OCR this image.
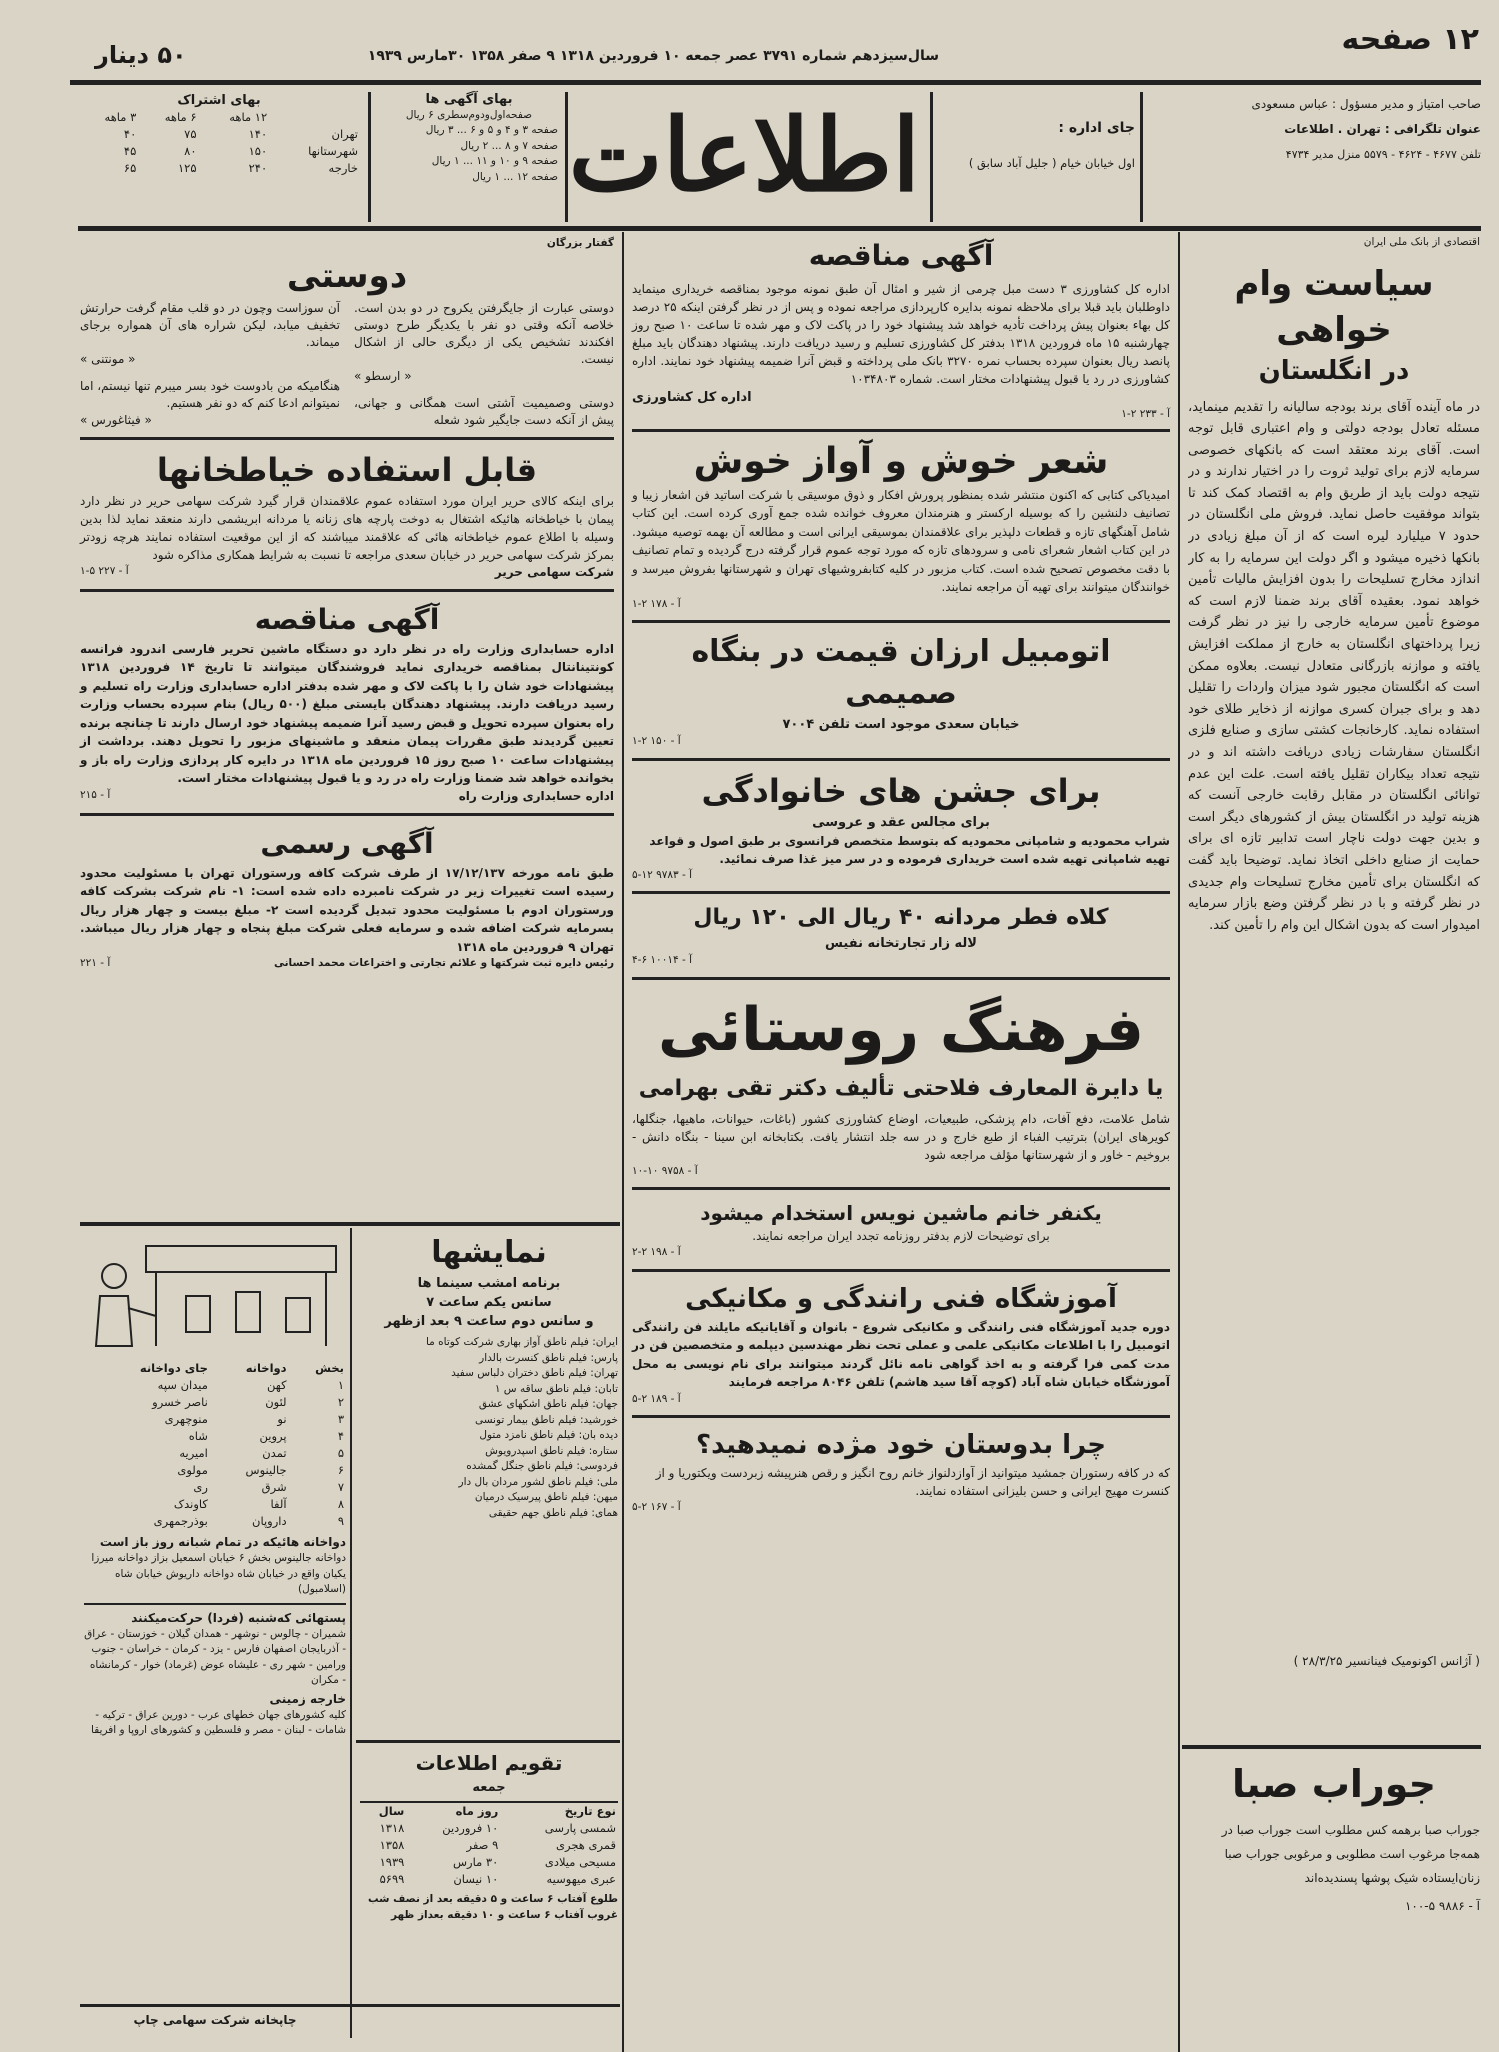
۱۲ صفحه
سال‌سیزدهم شماره ۳۷۹۱ عصر جمعه ۱۰ فروردین ۱۳۱۸ ۹ صفر ۱۳۵۸ ۳۰مارس ۱۹۳۹
۵۰ دینار
صاحب امتیاز و مدیر مسؤول : عباس مسعودی
عنوان تلگرافی : تهران . اطلاعات
تلفن ۴۶۷۷ - ۴۶۲۴ - ۵۵۷۹ منزل مدیر ۴۷۳۴
جای اداره :
اول خیابان خیام ( جلیل آباد سابق )
اطلاعات
بهای آگهی ها
صفحه‌اول‌ودوم‌سطری ۶ ریال
صفحه ۳ و ۴ و ۵ و ۶ ... ۳ ریال
صفحه ۷ و ۸ ... ۲ ریال
صفحه ۹ و ۱۰ و ۱۱ ... ۱ ریال
صفحه ۱۲ ... ۱ ریال
بهای اشتراک
	۱۲ ماهه	۶ ماهه	۳ ماهه
تهران	۱۴۰	۷۵	۴۰
شهرستانها	۱۵۰	۸۰	۴۵
خارجه	۲۴۰	۱۲۵	۶۵
اقتصادی از بانک ملی ایران
سیاست وام خواهی
در انگلستان
در ماه آینده آقای برند بودجه سالیانه را تقدیم مینماید، مسئله تعادل بودجه دولتی و وام اعتباری قابل توجه است. آقای برند معتقد است که بانکهای خصوصی سرمایه لازم برای تولید ثروت را در اختیار ندارند و در نتیجه دولت باید از طریق وام به اقتصاد کمک کند تا بتواند موفقیت حاصل نماید. فروش ملی انگلستان در حدود ۷ میلیارد لیره است که از آن مبلغ زیادی در بانکها ذخیره میشود و اگر دولت این سرمایه را به کار اندازد مخارج تسلیحات را بدون افزایش مالیات تأمین خواهد نمود. بعقیده آقای برند ضمنا لازم است که موضوع تأمین سرمایه خارجی را نیز در نظر گرفت زیرا پرداختهای انگلستان به خارج از مملکت افزایش یافته و موازنه بازرگانی متعادل نیست. بعلاوه ممکن است که انگلستان مجبور شود میزان واردات را تقلیل دهد و برای جبران کسری موازنه از ذخایر طلای خود استفاده نماید. کارخانجات کشتی سازی و صنایع فلزی انگلستان سفارشات زیادی دریافت داشته اند و در نتیجه تعداد بیکاران تقلیل یافته است. علت این عدم توانائی انگلستان در مقابل رقابت خارجی آنست که هزینه تولید در انگلستان بیش از کشورهای دیگر است و بدین جهت دولت ناچار است تدابیر تازه ای برای حمایت از صنایع داخلی اتخاذ نماید. توضیحا باید گفت که انگلستان برای تأمین مخارج تسلیحات وام جدیدی در نظر گرفته و با در نظر گرفتن وضع بازار سرمایه امیدوار است که بدون اشکال این وام را تأمین کند.
( آژانس اکونومیک فینانسیر ۲۸/۳/۲۵ )
جوراب صبا
جوراب صبا برهمه کس مطلوب است جوراب صبا در همه‌جا مرغوب است مطلوبی و مرغوبی جوراب صبا زنان‌ایستاده شیک پوشها پسندیده‌اند
آ - ۹۸۸۶ ۵-۱۰۰
آگهی مناقصه
اداره کل کشاورزی ۳ دست مبل چرمی از شیر و امثال آن طبق نمونه موجود بمناقصه خریداری مینماید داوطلبان باید قبلا برای ملاحظه نمونه بدایره کارپردازی مراجعه نموده و پس از در نظر گرفتن اینکه ۲۵ درصد کل بهاء بعنوان پیش پرداخت تأدیه خواهد شد پیشنهاد خود را در پاکت لاک و مهر شده تا ساعت ۱۰ صبح روز چهارشنبه ۱۵ ماه فروردین ۱۳۱۸ بدفتر کل کشاورزی تسلیم و رسید دریافت دارند. پیشنهاد دهندگان باید مبلغ پانصد ریال بعنوان سپرده بحساب نمره ۳۲۷۰ بانک ملی پرداخته و قبض آنرا ضمیمه پیشنهاد خود نمایند. اداره کشاورزی در رد یا قبول پیشنهادات مختار است. شماره ۱۰۳۴۸۰۳
اداره کل کشاورزی
آ - ۲۳۳ ۲-۱
شعر خوش و آواز خوش
امیدیاکی کتابی که اکنون منتشر شده بمنظور پرورش افکار و ذوق موسیقی با شرکت اساتید فن اشعار زیبا و تصانیف دلنشین را که بوسیله ارکستر و هنرمندان معروف خوانده شده جمع آوری کرده است. این کتاب شامل آهنگهای تازه و قطعات دلپذیر برای علاقمندان بموسیقی ایرانی است و مطالعه آن بهمه توصیه میشود. در این کتاب اشعار شعرای نامی و سرودهای تازه که مورد توجه عموم قرار گرفته درج گردیده و تمام تصانیف با دقت مخصوص تصحیح شده است. کتاب مزبور در کلیه کتابفروشیهای تهران و شهرستانها بفروش میرسد و خوانندگان میتوانند برای تهیه آن مراجعه نمایند.
آ - ۱۷۸ ۲-۱
اتومبیل ارزان قیمت در بنگاه صمیمی
خیابان سعدی موجود است تلفن ۷۰۰۴
آ - ۱۵۰ ۲-۱
برای جشن های خانوادگی
برای مجالس عقد و عروسی
شراب محمودیه و شامپانی محمودیه که بتوسط متخصص فرانسوی بر طبق اصول و قواعد تهیه شامپانی تهیه شده است خریداری فرموده و در سر میز غذا صرف نمائید.
آ - ۹۷۸۳ ۱۲-۵
کلاه فطر مردانه ۴۰ ریال الی ۱۲۰ ریال
لاله زار تجارتخانه نفیس
آ - ۱۰۰۱۴ ۶-۴
فرهنگ روستائی
یا دایرة المعارف فلاحتی تألیف دکتر تقی بهرامی
شامل علامت، دفع آفات، دام پزشکی، طبیعیات، اوضاع کشاورزی کشور (باغات، حیوانات، ماهیها، جنگلها، کویرهای ایران) بترتیب الفباء از طبع خارج و در سه جلد انتشار یافت. بکتابخانه ابن سینا - بنگاه دانش - بروخیم - خاور و از شهرستانها مؤلف مراجعه شود
آ - ۹۷۵۸ ۱۰-۱۰
یکنفر خانم ماشین نویس استخدام میشود
برای توضیحات لازم بدفتر روزنامه تجدد ایران مراجعه نمایند.
آ - ۱۹۸ ۲-۲
آموزشگاه فنی رانندگی و مکانیکی
دوره جدید آموزشگاه فنی رانندگی و مکانیکی شروع - بانوان و آقایانیکه مایلند فن رانندگی اتومبیل را با اطلاعات مکانیکی علمی و عملی تحت نظر مهندسین دیپلمه و متخصصین فن در مدت کمی فرا گرفته و به اخذ گواهی نامه نائل گردند میتوانند برای نام نویسی به محل آموزشگاه خیابان شاه آباد (کوچه آقا سید هاشم) تلفن ۸۰۴۶ مراجعه فرمایند
آ - ۱۸۹ ۲-۵
چرا بدوستان خود مژده نمیدهید؟
که در کافه رستوران جمشید میتوانید از آوازدلنواز خانم روح انگیز و رقص هنرپیشه زبردست ویکتوریا و از کنسرت مهیج ایرانی و حسن بلیزانی استفاده نمایند.
آ - ۱۶۷ ۲-۵
گفتار بزرگان
دوستی
دوستی عبارت از جایگرفتن یکروح در دو بدن است. خلاصه آنکه وقتی دو نفر با یکدیگر طرح دوستی افکندند تشخیص یکی از دیگری حالی از اشکال نیست.
« ارسطو »
دوستی وصمیمیت آشتی است همگانی و جهانی، پیش از آنکه دست جایگیر شود شعله
آن سوزاست وچون در دو قلب مقام گرفت حرارتش تخفیف میابد، لیکن شراره های آن همواره برجای میماند.
« مونتنی »
هنگامیکه من بادوست خود بسر میبرم تنها نیستم، اما نمیتوانم ادعا کنم که دو نفر هستیم.
« فیثاغورس »
قابل استفاده خیاطخانها
برای اینکه کالای حریر ایران مورد استفاده عموم علاقمندان قرار گیرد شرکت سهامی حریر در نظر دارد پیمان با خیاطخانه هائیکه اشتغال به دوخت پارچه های زنانه یا مردانه ابریشمی دارند منعقد نماید لذا بدین وسیله با اطلاع عموم خیاطخانه هائی که علاقمند میباشند که از این موقعیت استفاده نمایند هرچه زودتر بمرکز شرکت سهامی حریر در خیابان سعدی مراجعه تا نسبت به شرایط همکاری مذاکره شود
شرکت سهامی حریر
آ - ۲۲۷ ۵-۱
آگهی مناقصه
اداره حسابداری وزارت راه در نظر دارد دو دستگاه ماشین تحریر فارسی اندرود فرانسه کونتینانتال بمناقصه خریداری نماید فروشندگان میتوانند تا تاریخ ۱۴ فروردین ۱۳۱۸ پیشنهادات خود شان را با پاکت لاک و مهر شده بدفتر اداره حسابداری وزارت راه تسلیم و رسید دریافت دارند. پیشنهاد دهندگان بایستی مبلغ (۵۰۰ ریال) بنام سپرده بحساب وزارت راه بعنوان سپرده تحویل و قبض رسید آنرا ضمیمه پیشنهاد خود ارسال دارند تا چنانچه برنده تعیین گردیدند طبق مقررات پیمان منعقد و ماشینهای مزبور را تحویل دهند. برداشت از پیشنهادات ساعت ۱۰ صبح روز ۱۵ فروردین ماه ۱۳۱۸ در دایره کار پردازی وزارت راه باز و بخوانده خواهد شد ضمنا وزارت راه در رد و یا قبول پیشنهادات مختار است.
اداره حسابداری وزارت راه
آ - ۲۱۵
آگهی رسمی
طبق نامه مورخه ۱۷/۱۲/۱۳۷ از طرف شرکت کافه ورستوران تهران با مسئولیت محدود رسیده است تغییرات زیر در شرکت نامبرده داده شده است: ۱- نام شرکت بشرکت کافه ورستوران ادوم با مسئولیت محدود تبدیل گردیده است ۲- مبلغ بیست و چهار هزار ریال بسرمایه شرکت اضافه شده و سرمایه فعلی شرکت مبلغ پنجاه و چهار هزار ریال میباشد. تهران ۹ فروردین ماه ۱۳۱۸
رئیس دایره ثبت شرکتها و علائم تجارتی و اختراعات محمد احسانی
آ - ۲۲۱
نمایشها
برنامه امشب سینما ها
سانس یکم ساعت ۷
و سانس دوم ساعت ۹ بعد ازظهر
ایران: فیلم ناطق آواز بهاری شرکت کوتاه ما
پارس: فیلم ناطق کنسرت بالدار
تهران: فیلم ناطق دختران دلباس سفید
تابان: فیلم ناطق ساقه س ۱
جهان: فیلم ناطق اشکهای عشق
خورشید: فیلم ناطق بیمار تونسی
دیده بان: فیلم ناطق نامزد متول
ستاره: فیلم ناطق اسپدرویوش
فردوسی: فیلم ناطق جنگل گمشده
ملی: فیلم ناطق لشور مردان بال دار
میهن: فیلم ناطق پیرسیک درمیان
همای: فیلم ناطق جهم حقیقی
تقویم اطلاعات
جمعه
نوع تاریخ	روز ماه	سال
شمسی پارسی	۱۰ فروردین	۱۳۱۸
قمری هجری	۹ صفر	۱۳۵۸
مسیحی میلادی	۳۰ مارس	۱۹۳۹
عبری میهوسیه	۱۰ نیسان	۵۶۹۹
طلوع آفتاب ۶ ساعت و ۵ دقیقه بعد از نصف شب
غروب آفتاب ۶ ساعت و ۱۰ دقیقه بعداز ظهر
بخش	دواخانه	جای دواخانه
۱	کهن	میدان سپه
۲	لئون	ناصر خسرو
۳	نو	منوچهری
۴	پروین	شاه
۵	تمدن	امیریه
۶	جالینوس	مولوی
۷	شرق	ری
۸	آلفا	کاوندک
۹	داروپان	بوذرجمهری
دواخانه هائیکه در تمام شبانه روز باز است
دواخانه جالینوس بخش ۶ خیابان اسمعیل بزاز دواخانه میرزا یکیان واقع در خیابان شاه دواخانه داریوش خیابان شاه (اسلامبول)
پستهائی که‌شنبه (فردا) حرکت‌میکنند
شمیران - چالوس - نوشهر - همدان گیلان - خوزستان - عراق - آذربایجان اصفهان فارس - یزد - کرمان - خراسان - جنوب ورامین - شهر ری - علیشاه عوض (غرماد) خوار - کرمانشاه - مکران
خارجه زمینی
کلیه کشورهای جهان خطهای عرب - دورین عراق - ترکیه - شامات - لبنان - مصر و فلسطین و کشورهای اروپا و افریقا
چاپخانه شرکت سهامی چاپ
